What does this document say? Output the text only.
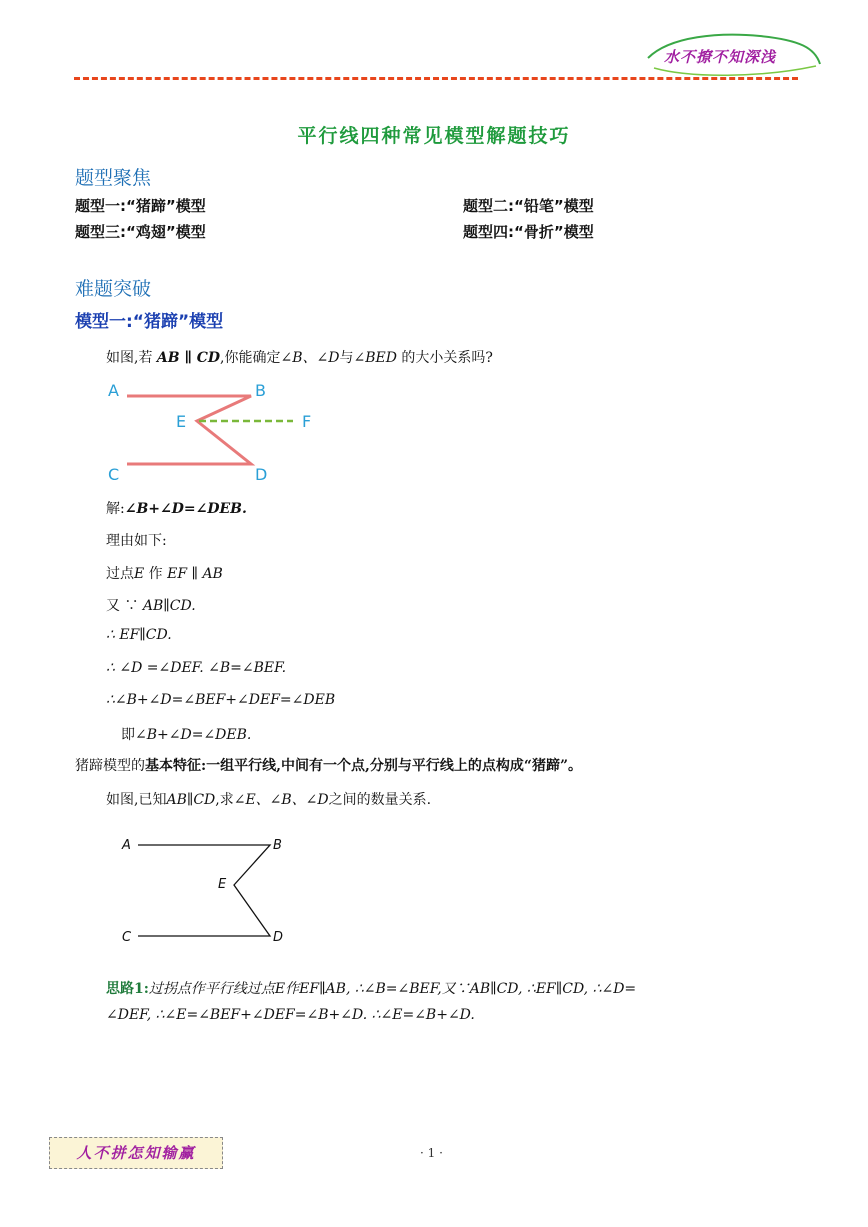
水不撩不知深浅
平行线四种常见模型解题技巧
题型聚焦
题型一:“猪蹄”模型	题型二:“铅笔”模型
题型三:“鸡翅”模型	题型四:“骨折”模型
难题突破
模型一:“猪蹄”模型
如图,若 AB ∥ CD,你能确定∠B、∠D与∠BED 的大小关系吗?
A	B
E	F
C	D
解:∠B+∠D=∠DEB.
理由如下:
过点E 作 EF ∥ AB
又 ∵ AB∥CD.
∴ EF∥CD.
∴ ∠D =∠DEF. ∠B=∠BEF.
∴∠B+∠D=∠BEF+∠DEF=∠DEB
即∠B+∠D=∠DEB.
猪蹄模型的基本特征:一组平行线,中间有一个点,分别与平行线上的点构成“猪蹄”。
如图,已知AB∥CD,求∠E、∠B、∠D之间的数量关系.
A	B
E
C	D
思路1:过拐点作平行线过点E作EF∥AB, ∴∠B=∠BEF,又∵AB∥CD, ∴EF∥CD, ∴∠D=
∠DEF, ∴∠E=∠BEF+∠DEF=∠B+∠D. ∴∠E=∠B+∠D.
人不拼怎知输赢	· 1 ·
